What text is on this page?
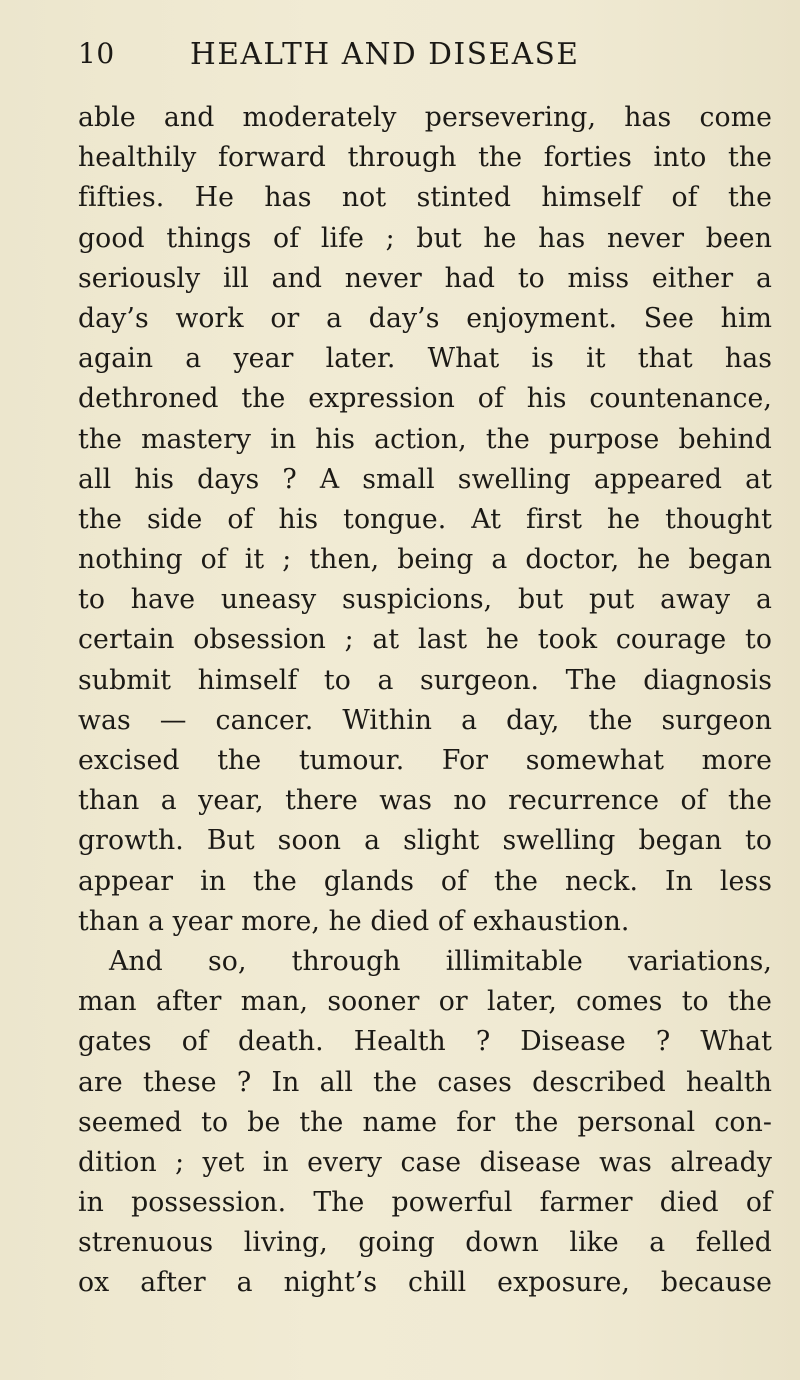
10	HEALTH AND DISEASE
able and moderately persevering, has come
healthily forward through the forties into the
fifties. He has not stinted himself of the
good things of life ; but he has never been
seriously ill and never had to miss either a
day’s work or a day’s enjoyment. See him
again a year later. What is it that has
dethroned the expression of his countenance,
the mastery in his action, the purpose behind
all his days ? A small swelling appeared at
the side of his tongue. At first he thought
nothing of it ; then, being a doctor, he began
to have uneasy suspicions, but put away a
certain obsession ; at last he took courage to
submit himself to a surgeon. The diagnosis
was — cancer. Within a day, the surgeon
excised the tumour. For somewhat more
than a year, there was no recurrence of the
growth. But soon a slight swelling began to
appear in the glands of the neck. In less
than a year more, he died of exhaustion.
And so, through illimitable variations,
man after man, sooner or later, comes to the
gates of death. Health ? Disease ? What
are these ? In all the cases described health
seemed to be the name for the personal con-
dition ; yet in every case disease was already
in possession. The powerful farmer died of
strenuous living, going down like a felled
ox after a night’s chill exposure, because
